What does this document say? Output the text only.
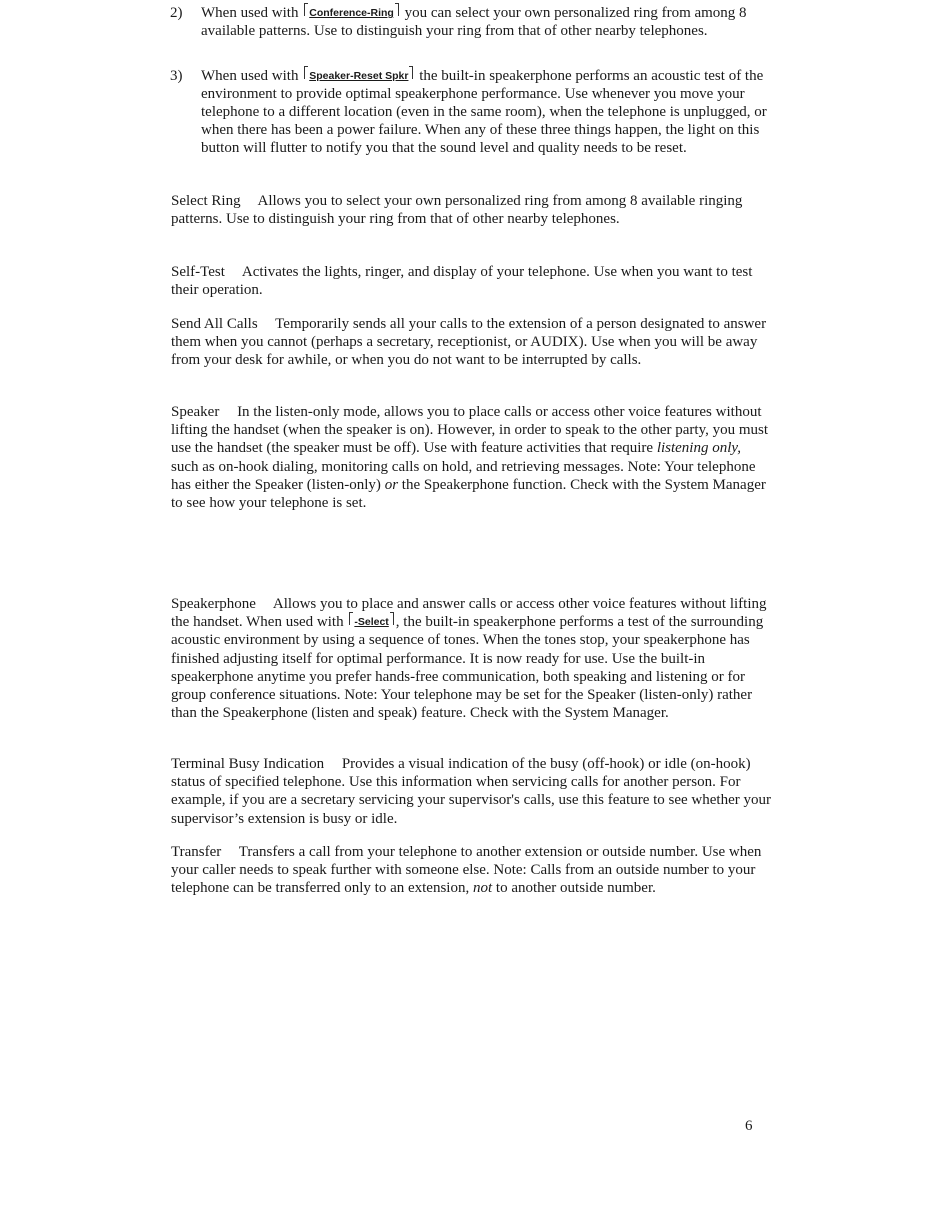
2) When used with Conference-Ring you can select your own personalized ring from among 8 available patterns. Use to distinguish your ring from that of other nearby telephones.
3) When used with Speaker-Reset Spkr the built-in speakerphone performs an acoustic test of the environment to provide optimal speakerphone performance. Use whenever you move your telephone to a different location (even in the same room), when the telephone is unplugged, or when there has been a power failure. When any of these three things happen, the light on this button will flutter to notify you that the sound level and quality needs to be reset.
Select Ring Allows you to select your own personalized ring from among 8 available ringing patterns. Use to distinguish your ring from that of other nearby telephones.
Self-Test Activates the lights, ringer, and display of your telephone. Use when you want to test their operation.
Send All Calls Temporarily sends all your calls to the extension of a person designated to answer them when you cannot (perhaps a secretary, receptionist, or AUDIX). Use when you will be away from your desk for awhile, or when you do not want to be interrupted by calls.
Speaker In the listen-only mode, allows you to place calls or access other voice features without lifting the handset (when the speaker is on). However, in order to speak to the other party, you must use the handset (the speaker must be off). Use with feature activities that require listening only, such as on-hook dialing, monitoring calls on hold, and retrieving messages. Note: Your telephone has either the Speaker (listen-only) or the Speakerphone function. Check with the System Manager to see how your telephone is set.
Speakerphone Allows you to place and answer calls or access other voice features without lifting the handset. When used with -Select , the built-in speakerphone performs a test of the surrounding acoustic environment by using a sequence of tones. When the tones stop, your speakerphone has finished adjusting itself for optimal performance. It is now ready for use. Use the built-in speakerphone anytime you prefer hands-free communication, both speaking and listening or for group conference situations. Note: Your telephone may be set for the Speaker (listen-only) rather than the Speakerphone (listen and speak) feature. Check with the System Manager.
Terminal Busy Indication Provides a visual indication of the busy (off-hook) or idle (on-hook) status of specified telephone. Use this information when servicing calls for another person. For example, if you are a secretary servicing your supervisor's calls, use this feature to see whether your supervisor’s extension is busy or idle.
Transfer Transfers a call from your telephone to another extension or outside number. Use when your caller needs to speak further with someone else. Note: Calls from an outside number to your telephone can be transferred only to an extension, not to another outside number.
6
